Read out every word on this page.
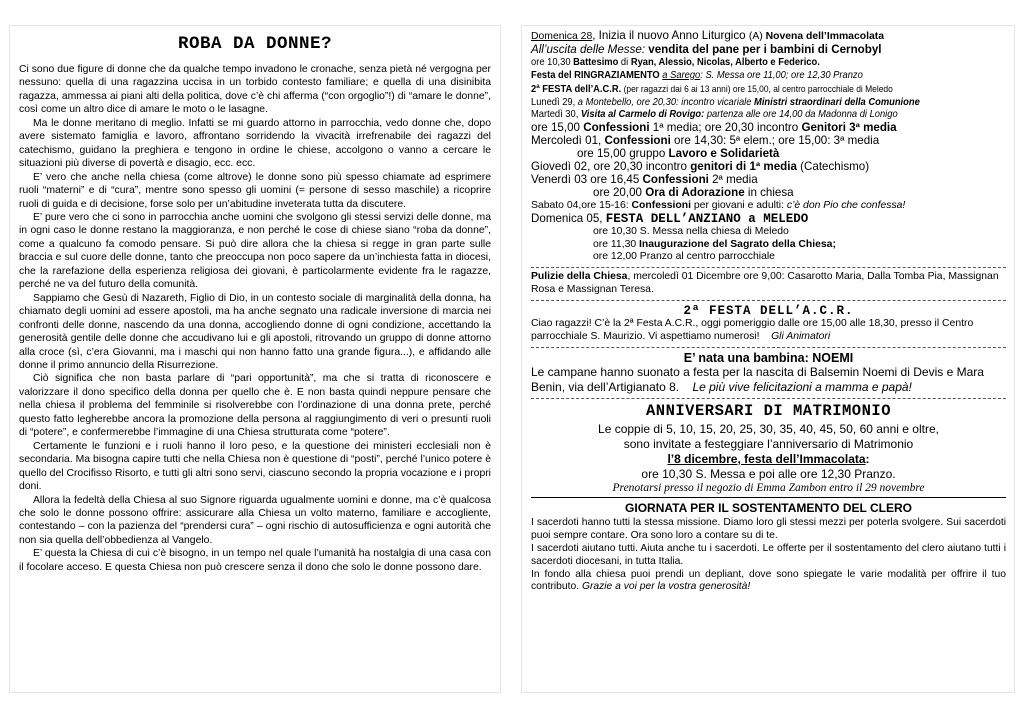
ROBA DA DONNE?

Ci sono due figure di donne che da qualche tempo invadono le cronache, senza pietà né vergogna per nessuno: quella di una ragazzina uccisa in un torbido contesto familiare; e quella di una disinibita ragazza, ammessa ai piani alti della politica, dove c’è chi afferma (“con orgoglio”!) di “amare le donne”, così come un altro dice di amare le moto o le lasagne.

Ma le donne meritano di meglio. Infatti se mi guardo attorno in parrocchia, vedo donne che, dopo avere sistemato famiglia e lavoro, affrontano sorridendo la vivacità irrefrenabile dei ragazzi del catechismo, guidano la preghiera e tengono in ordine le chiese, accolgono o vanno a cercare le situazioni più diverse di povertà e disagio, ecc. ecc.

E’ vero che anche nella chiesa (come altrove) le donne sono più spesso chiamate ad esprimere ruoli “materni” e di “cura”, mentre sono spesso gli uomini (= persone di sesso maschile) a ricoprire ruoli di guida e di decisione, forse solo per un’abitudine inveterata tutta da discutere.

E’ pure vero che ci sono in parrocchia anche uomini che svolgono gli stessi servizi delle donne, ma in ogni caso le donne restano la maggioranza, e non perché le cose di chiese siano “roba da donne”, come a qualcuno fa comodo pensare. Si può dire allora che la chiesa si regge in gran parte sulle braccia e sul cuore delle donne, tanto che preoccupa non poco sapere da un’inchiesta fatta in diocesi, che la rarefazione della esperienza religiosa dei giovani, è particolarmente evidente fra le ragazze, perché ne va del futuro della comunità.

Sappiamo che Gesù di Nazareth, Figlio di Dio, in un contesto sociale di marginalità della donna, ha chiamato degli uomini ad essere apostoli, ma ha anche segnato una radicale inversione di marcia nei confronti delle donne, nascendo da una donna, accogliendo donne di ogni condizione, accettando la generosità gentile delle donne che accudivano lui e gli apostoli, ritrovando un gruppo di donne attorno alla croce (sì, c’era Giovanni, ma i maschi qui non hanno fatto una grande figura...), e affidando alle donne il primo annuncio della Risurrezione.

Ciò significa che non basta parlare di “pari opportunità”, ma che si tratta di riconoscere e valorizzare il dono specifico della donna per quello che è. E non basta quindi neppure pensare che nella chiesa il problema del femminile si risolverebbe con l’ordinazione di una donna prete, perché questo fatto legherebbe ancora la promozione della persona al raggiungimento di veri o presunti ruoli di “potere”, e confermerebbe l’immagine di una Chiesa strutturata come “potere”.

Certamente le funzioni e i ruoli hanno il loro peso, e la questione dei ministeri ecclesiali non è secondaria. Ma bisogna capire tutti che nella Chiesa non è questione di “posti”, perché l’unico potere è quello del Crocifisso Risorto, e tutti gli altri sono servi, ciascuno secondo la propria vocazione e i propri doni.

Allora la fedeltà della Chiesa al suo Signore riguarda ugualmente uomini e donne, ma c’è qualcosa che solo le donne possono offrire: assicurare alla Chiesa un volto materno, familiare e accogliente, contestando – con la pazienza del “prendersi cura” – ogni rischio di autosufficienza e ogni autorità che non sia quella dell’obbedienza al Vangelo.

E’ questa la Chiesa di cui c’è bisogno, in un tempo nel quale l’umanità ha nostalgia di una casa con il focolare acceso. E questa Chiesa non può crescere senza il dono che solo le donne possono dare.

Domenica 28, Inizia il nuovo Anno Liturgico (A) Novena dell’Immacolata

All’uscita delle Messe: vendita del pane per i bambini di Cernobyl

ore 10,30 Battesimo di Ryan, Alessio, Nicolas, Alberto e Federico.

Festa del RINGRAZIAMENTO a Sarego: S. Messa ore 11,00; ore 12,30 Pranzo

2ª FESTA dell’A.C.R. (per ragazzi dai 6 ai 13 anni) ore 15,00, al centro parrocchiale di Meledo

Lunedì 29, a Montebello, ore 20,30: incontro vicariale Ministri straordinari della Comunione

Martedì 30, Visita al Carmelo di Rovigo: partenza alle ore 14,00 da Madonna di Lonigo

ore 15,00 Confessioni 1ª media; ore 20,30 incontro Genitori 3ª media

Mercoledì 01, Confessioni ore 14,30: 5ª elem.; ore 15,00: 3ª media

ore 15,00 gruppo Lavoro e Solidarietà

Giovedì 02, ore 20,30 incontro genitori di 1ª media (Catechismo)

Venerdì 03 ore 16,45 Confessioni 2ª media

ore 20,00 Ora di Adorazione in chiesa

Sabato 04,ore 15-16: Confessioni per giovani e adulti: c’è don Pio che confessa!

Domenica 05, FESTA DELL’ANZIANO a MELEDO

ore 10,30 S. Messa nella chiesa di Meledo

ore 11,30 Inaugurazione del Sagrato della Chiesa;

ore 12,00 Pranzo al centro parrocchiale

Pulizie della Chiesa, mercoledì 01 Dicembre ore 9,00: Casarotto Maria, Dalla Tomba Pia, Massignan Rosa e Massignan Teresa.

2ª FESTA DELL’A.C.R.

Ciao ragazzi! C’è la 2ª Festa A.C.R., oggi pomeriggio dalle ore 15,00 alle 18,30, presso il Centro parrocchiale S. Maurizio. Vi aspettiamo numerosi! Gli Animatori

E’ nata una bambina: NOEMI

Le campane hanno suonato a festa per la nascita di Balsemin Noemi di Devis e Mara Benin, via dell’Artigianato 8. Le più vive felicitazioni a mamma e papà!

ANNIVERSARI DI MATRIMONIO

Le coppie di 5, 10, 15, 20, 25, 30, 35, 40, 45, 50, 60 anni e oltre,

sono invitate a festeggiare l’anniversario di Matrimonio

l’8 dicembre, festa dell’Immacolata:

ore 10,30 S. Messa e poi alle ore 12,30 Pranzo.

Prenotarsi presso il negozio di Emma Zambon entro il 29 novembre

GIORNATA PER IL SOSTENTAMENTO DEL CLERO

I sacerdoti hanno tutti la stessa missione. Diamo loro gli stessi mezzi per poterla svolgere. Sui sacerdoti puoi sempre contare. Ora sono loro a contare su di te.

I sacerdoti aiutano tutti. Aiuta anche tu i sacerdoti. Le offerte per il sostentamento del clero aiutano tutti i sacerdoti diocesani, in tutta Italia.

In fondo alla chiesa puoi prendi un depliant, dove sono spiegate le varie modalità per offrire il tuo contributo. Grazie a voi per la vostra generosità!
